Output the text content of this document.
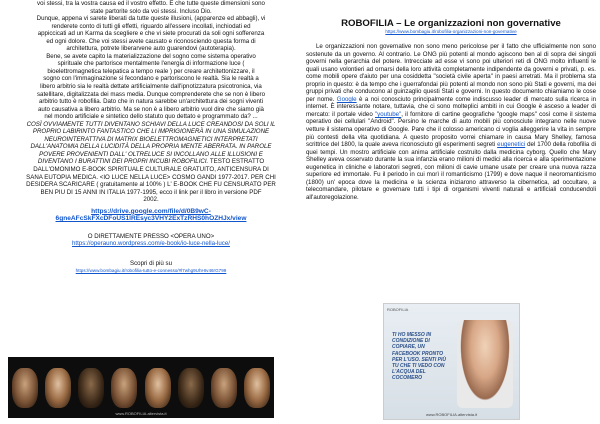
voi stessi, tra la vostra causa ed il vostro effetto. E che tutte queste dimensioni sono

state partorite solo da voi stessi. Incluso Dio.

Dunque, appena vi sarete liberati da tutte queste illusioni, (apparenze ed abbagli), vi

renderete conto di tutti gli effetti, riguardo all'essere incollati, inchiodati ed

appiccicati ad un Karma da scegliere e che vi siete procurati da soli ogni sofferenza

ed ogni dolore. Che voi stessi avete causato e riconosciendo questa forma di

architettura, potrete liberarvene auto guarendovi (autoterapia).

Bene, se avete capito la materializzazione del sogno come sistema operativo

spirituale che partorisce mentalmente l'energia di informazione luce (

bioelettromagnetica telepatica a tempo reale ) per creare architettonizzare, il

sogno con l'immaginazione si fecondano e partoriscono le realtà. Sia le realtà a

libero arbitrio sia le realtà dettate artificialmente dall'ipnotizzatura psicotronica, via

satellitare, digitalizzata dei mass media. Dunque comprenderete che se non è libero

arbitrio tutto è robofilia. Dato che in natura sarebbe un'architettura dei sogni viventi

auto causativa a libero arbitrio. Ma se non è a libero arbitrio vuol dire che siamo già

nel mondo artificiale e sintetico dello statuto quo dettato e programmato da? ...

COSÌ OVVIAMENTE TUTTI DIVENTANO SCHIAVI DELLA LUCE CREANDOSI DA SOLI IL

PROPRIO LABIRINTO FANTASTICO CHE LI IMPRIGIONERÀ IN UNA SIMULAZIONE

NEUROINTERATTIVA DI MATRIX BIOELETTROMAGNETICI INTERPRETATI

DALL'ANATOMIA DELLA LUCIDITÀ DELLA PROPRIA MENTE ABERRATA. IN PAROLE

POVERE PROVENIENTI DALL' OLTRELUCE SI INCOLLANO ALLE ILLUSIONI E

DIVENTANO I BURATTINI DEI PROPRI INCUBI ROBOFILICI. TESTO ESTRATTO

DALL'OMONIMO E-BOOK SPIRITUALE CULTURALE GRATUITO, ANTICENSURA DI

SANA EUTOPIA MEDICA. <IO LUCE NELLA LUCE> COSMO GANDI 1977-2017. PER CHI

DESIDERA SCARICARE ( gratuitamente al 100% ) L' E-BOOK CHE FU CENSURATO PER

BEN PIU DI 15 ANNI IN ITALIA 1977-1995, ecco il link per il libro in versione PDF

2002.

https://drive.google.com/file/d/0B9wC-
6gneAFcSkFXcDFoUS1lREsyc3VHY2ExTzRHS0hOZHJx/view

O DIRETTAMENTE PRESSO <OPERA UNO>

https://operauno.wordpress.com/e-book/io-luce-nella-luce/

Scopri di più su

https://www.bombagiu.it/robofilia-tutto-e-connesso/#l7whg9UhHIv46rG799

www.ROBOFILIA.altervista.it

ROBOFILIA – Le organizzazioni non governative

https://www.bombagiu.it/robofilia-organizzazioni-non-governative

Le organizzazioni non governative non sono meno pericolose per il fatto che ufficialmente non sono sostenute da un governo. Al contrario. Le ONG più potenti al mondo agiscono ben al di sopra dei singoli governi nella gerarchia del potere. Intrecciate ad esse vi sono poi ulteriori reti di ONG molto influenti le quali usano volontieri ad ornarsi della loro attività completamente indipendente da governi e privati, p. es. come mobili opere d'aiuto per una cosiddetta "società civile aperta" in paesi arretrati. Ma il problema sta proprio in questo: è da tempo che i guerrafondai più potenti al mondo non sono più Stati e governi, ma dei gruppi privati che conducono al guinzaglio questi Stati e governi. In questo documento chiamiamo le cose per nome. Google è a noi conosciuto principalmente come indiscusso leader di mercato sulla ricerca in internet. È interessante notare, tuttavia, che ci sono molteplici ambiti in cui Google è asceso a leader di mercato: il portale video "youtube", il fornitore di cartine geografiche "google maps" così come il sistema operativo dei cellulari "Android". Persino le marche di auto mobili più conosciute integrano nelle nuove vetture il sistema operativo di Google. Pare che il colosso americano ci voglia alleggerire la vita in sempre più contesti della vita quotidiana. A questo proposito vorrei chiamare in causa Mary Shelley, famosa scrittrice del 1800, la quale aveva riconosciuto gli esperimenti segreti eugenetici del 1700 della robofilia di quei tempi. Un mostro artificiale con anima artificiale costruito dalla medicina cyborg. Quello che Mary Shelley aveva osservato durante la sua infanzia erano milioni di medici alla ricerca e alla sperimentazione eugenetica in cliniche e laboratori segreti, con milioni di cavie umane usate per creare una nuova razza superiore ed immortale. Fu il periodo in cui morì il romanticismo (1799) e dove naque il neoromanticismo (1800) un' epoca dove la medicina e la scienza iniziarono attraverso la cibernetica, ad occultare, a telecomandare, pilotare e governare tutti i tipi di organismi viventi naturali e artificiali conducendoli all'autoregolazione.

ROBOFILIA
TI HO MESSO IN CONDIZIONE DI COPIARE, UN FACEBOOK PRONTO PER L'USO. SENTI PIÙ TU CHE TI VEDO CON L'ACQUA DEL COCOMERO
www.ROBOFILIA.altervista.it
